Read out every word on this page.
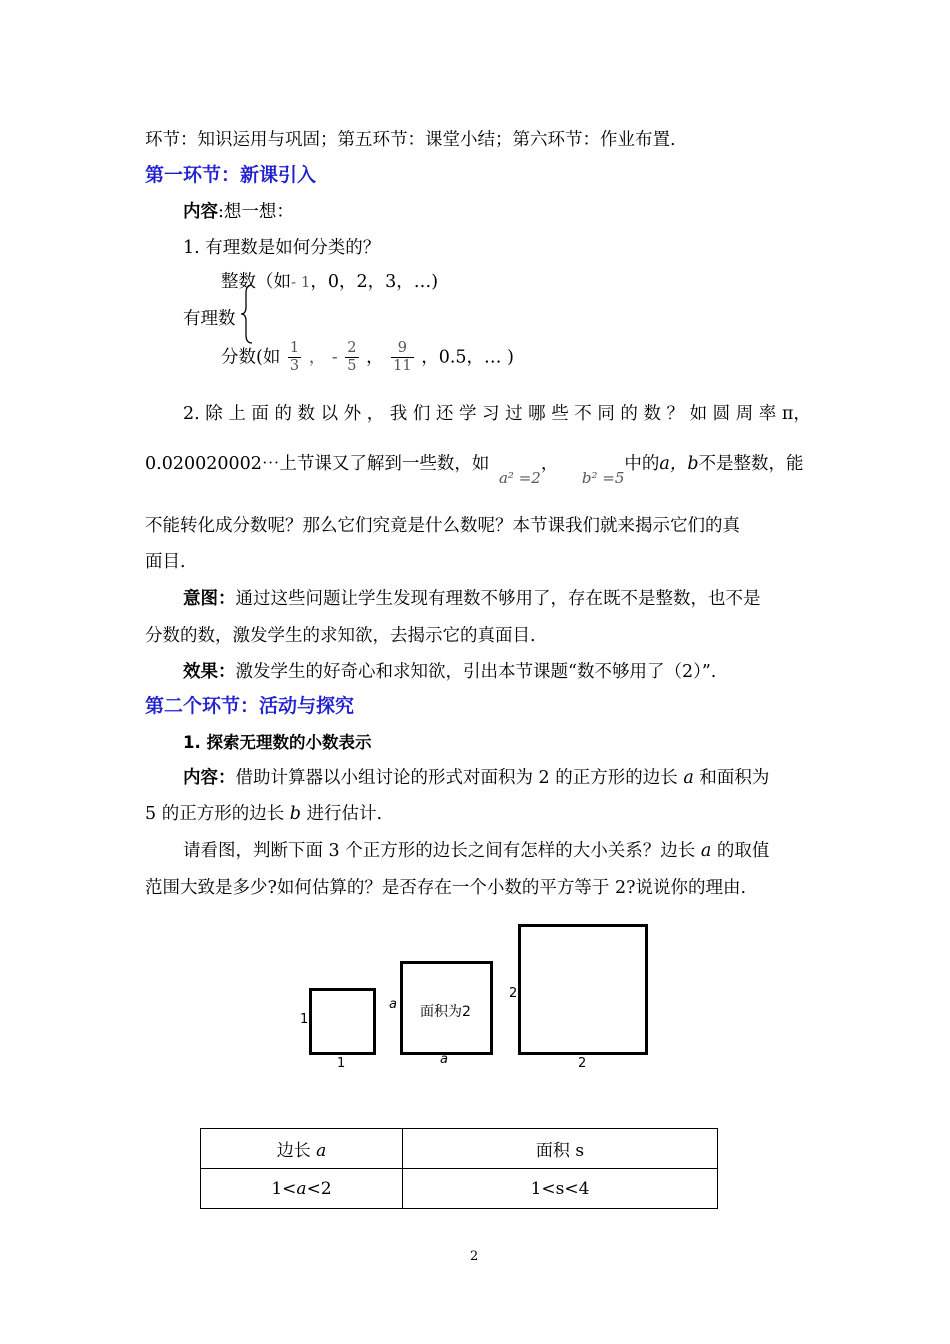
环节：知识运用与巩固；第五环节：课堂小结；第六环节：作业布置.
第一环节：新课引入
内容:想一想：
1. 有理数是如何分类的？
整数（如- 1，0，2，3，…)
有理数
分数(如 $\frac{1}{3}$ ， - $\frac{2}{5}$ ， $\frac{9}{11}$ ，0.5，… )
2. 除 上 面 的 数 以 外 ， 我 们 还 学 习 过 哪 些 不 同 的 数 ？ 如 圆 周 率 π，
0.020020002⋯上节课又了解到一些数，如 a² =2， b² =5中的a，b不是整数，能
不能转化成分数呢？那么它们究竟是什么数呢？本节课我们就来揭示它们的真
面目.
意图：通过这些问题让学生发现有理数不够用了，存在既不是整数，也不是
分数的数，激发学生的求知欲，去揭示它的真面目.
效果：激发学生的好奇心和求知欲，引出本节课题“数不够用了（2）”.
第二个环节：活动与探究
1. 探索无理数的小数表示
内容：借助计算器以小组讨论的形式对面积为 2 的正方形的边长 a 和面积为
5 的正方形的边长 b 进行估计.
请看图，判断下面 3 个正方形的边长之间有怎样的大小关系？边长 a 的取值
范围大致是多少?如何估算的？是否存在一个小数的平方等于 2?说说你的理由.
1
1
面积为2
a
a
2
2
边长 a	面积 s
1<a<2	1<s<4
2
